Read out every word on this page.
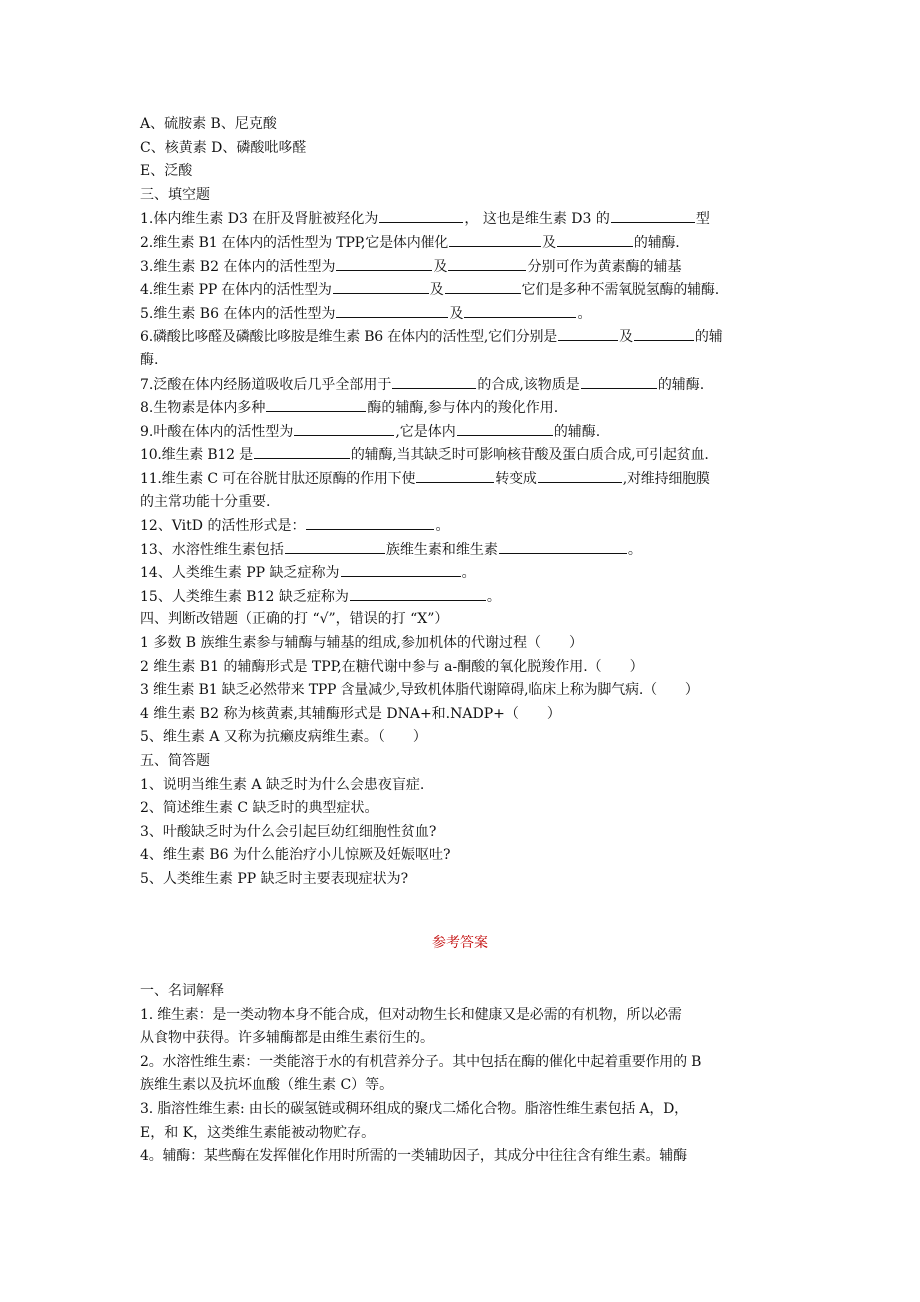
A、硫胺素 B、尼克酸
C、核黄素 D、磷酸吡哆醛
E、泛酸
三、填空题
1.体内维生素 D3 在肝及肾脏被羟化为	， 这也是维生素 D3 的	型
2.维生素 B1 在体内的活性型为 TPP,它是体内催化	及	的辅酶.
3.维生素 B2 在体内的活性型为	及	分别可作为黄素酶的辅基
4.维生素 PP 在体内的活性型为	及	它们是多种不需氧脱氢酶的辅酶.
5.维生素 B6 在体内的活性型为	及	。
6.磷酸比哆醛及磷酸比哆胺是维生素 B6 在体内的活性型,它们分别是	及	的辅
酶.
7.泛酸在体内经肠道吸收后几乎全部用于	的合成,该物质是	的辅酶.
8.生物素是体内多种	酶的辅酶,参与体内的羧化作用.
9.叶酸在体内的活性型为	,它是体内	的辅酶.
10.维生素 B12 是	的辅酶,当其缺乏时可影响核苷酸及蛋白质合成,可引起贫血.
11.维生素 C 可在谷胱甘肽还原酶的作用下使	转变成	,对维持细胞膜
的主常功能十分重要.
12、VitD 的活性形式是：	。
13、水溶性维生素包括	族维生素和维生素	。
14、人类维生素 PP 缺乏症称为	。
15、人类维生素 B12 缺乏症称为	。
四、判断改错题（正确的打 “√”，错误的打 “X”）
1 多数 B 族维生素参与辅酶与辅基的组成,参加机体的代谢过程（ ）
2 维生素 B1 的辅酶形式是 TPP,在糖代谢中参与 a-酮酸的氧化脱羧作用.（ ）
3 维生素 B1 缺乏必然带来 TPP 含量减少,导致机体脂代谢障碍,临床上称为脚气病.（ ）
4 维生素 B2 称为核黄素,其辅酶形式是 DNA+和.NADP+（ ）
5、维生素 A 又称为抗癞皮病维生素。（ ）
五、简答题
1、说明当维生素 A 缺乏时为什么会患夜盲症.
2、简述维生素 C 缺乏时的典型症状。
3、叶酸缺乏时为什么会引起巨幼红细胞性贫血?
4、维生素 B6 为什么能治疗小儿惊厥及妊娠呕吐?
5、人类维生素 PP 缺乏时主要表现症状为?
参考答案
一、名词解释
1. 维生素：是一类动物本身不能合成，但对动物生长和健康又是必需的有机物，所以必需
从食物中获得。许多辅酶都是由维生素衍生的。
2。水溶性维生素：一类能溶于水的有机营养分子。其中包括在酶的催化中起着重要作用的 B
族维生素以及抗坏血酸（维生素 C）等。
3. 脂溶性维生素: 由长的碳氢链或稠环组成的聚戊二烯化合物。脂溶性维生素包括 A，D，
E，和 K，这类维生素能被动物贮存。
4。辅酶：某些酶在发挥催化作用时所需的一类辅助因子，其成分中往往含有维生素。辅酶
